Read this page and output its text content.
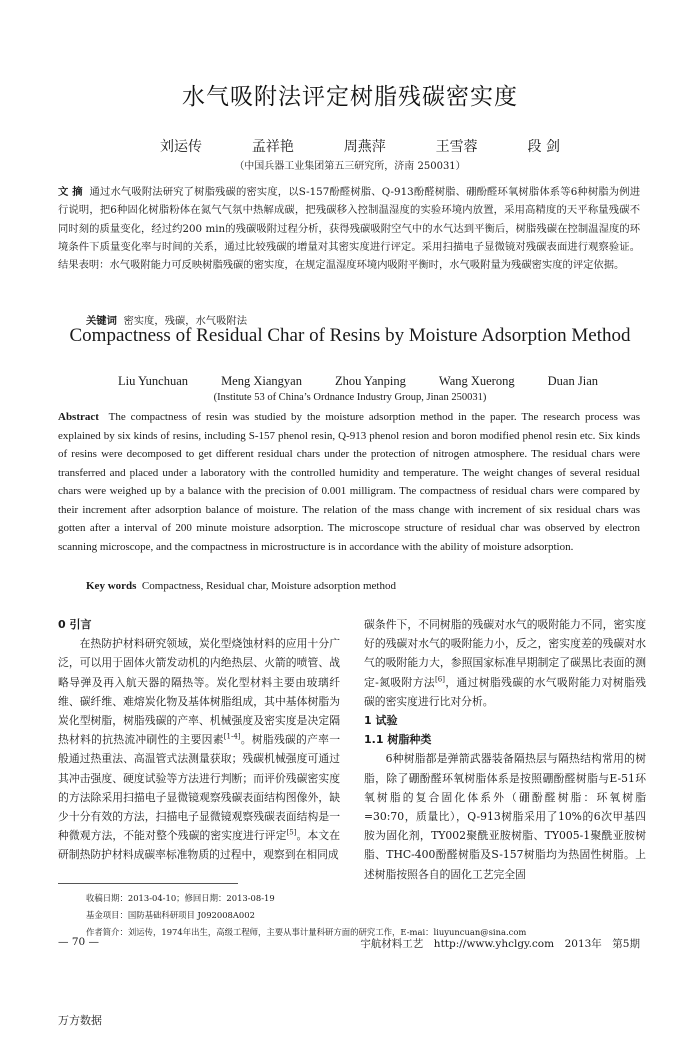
水气吸附法评定树脂残碳密实度
刘运传	孟祥艳	周燕萍	王雪蓉	段 剑
（中国兵器工业集团第五三研究所，济南 250031）
文 摘 通过水气吸附法研究了树脂残碳的密实度，以S-157酚醛树脂、Q-913酚醛树脂、硼酚醛环氧树脂体系等6种树脂为例进行说明，把6种固化树脂粉体在氮气气氛中热解成碳，把残碳移入控制温湿度的实验环境内放置，采用高精度的天平称量残碳不同时刻的质量变化，经过约200 min的残碳吸附过程分析，获得残碳吸附空气中的水气达到平衡后，树脂残碳在控制温湿度的环境条件下质量变化率与时间的关系，通过比较残碳的增量对其密实度进行评定。采用扫描电子显微镜对残碳表面进行观察验证。结果表明：水气吸附能力可反映树脂残碳的密实度，在规定温湿度环境内吸附平衡时，水气吸附量为残碳密实度的评定依据。
关键词 密实度，残碳，水气吸附法
Compactness of Residual Char of Resins by Moisture Adsorption Method
Liu Yunchuan	Meng Xiangyan	Zhou Yanping	Wang Xuerong	Duan Jian
(Institute 53 of China’s Ordnance Industry Group, Jinan 250031)
Abstract The compactness of resin was studied by the moisture adsorption method in the paper. The research process was explained by six kinds of resins, including S-157 phenol resin, Q-913 phenol resion and boron modified phenol resin etc. Six kinds of resins were decomposed to get different residual chars under the protection of nitrogen atmosphere. The residual chars were transferred and placed under a laboratory with the controlled humidity and temperature. The weight changes of several residual chars were weighed up by a balance with the precision of 0.001 milligram. The compactness of residual chars were compared by their increment after adsorption balance of moisture. The relation of the mass change with increment of six residual chars was gotten after a interval of 200 minute moisture adsorption. The microscope structure of residual char was observed by electron scanning microscope, and the compactness in microstructure is in accordance with the ability of moisture adsorption.
Key words Compactness, Residual char, Moisture adsorption method
0 引言

在热防护材料研究领域，炭化型烧蚀材料的应用十分广泛，可以用于固体火箭发动机的内绝热层、火箭的喷管、战略导弹及再入航天器的隔热等。炭化型材料主要由玻璃纤维、碳纤维、难熔炭化物及基体树脂组成，其中基体树脂为炭化型树脂，树脂残碳的产率、机械强度及密实度是决定隔热材料的抗热流冲刷性的主要因素[1-4]。树脂残碳的产率一般通过热重法、高温管式法测量获取；残碳机械强度可通过其冲击强度、硬度试验等方法进行判断；而评价残碳密实度的方法除采用扫描电子显微镜观察残碳表面结构图像外，缺少十分有效的方法，扫描电子显微镜观察残碳表面结构是一种微观方法，不能对整个残碳的密实度进行评定[5]。本文在研制热防护材料成碳率标准物质的过程中，观察到在相同成

碳条件下，不同树脂的残碳对水气的吸附能力不同，密实度好的残碳对水气的吸附能力小，反之，密实度差的残碳对水气的吸附能力大，参照国家标准早期制定了碳黑比表面的测定-氮吸附方法[6]，通过树脂残碳的水气吸附能力对树脂残碳的密实度进行比对分析。

1 试验
1.1 树脂种类

6种树脂都是弹箭武器装备隔热层与隔热结构常用的树脂，除了硼酚醛环氧树脂体系是按照硼酚醛树脂与E-51环氧树脂的复合固化体系外（硼酚醛树脂：环氧树脂=30:70，质量比），Q-913树脂采用了10%的6次甲基四胺为固化剂，TY002聚酰亚胺树脂、TY005-1聚酰亚胺树脂、THC-400酚醛树脂及S-157树脂均为热固性树脂。上述树脂按照各自的固化工艺完全固

收稿日期：2013-04-10；修回日期：2013-08-19
基金项目：国防基础科研项目 J092008A002
作者简介：刘运传，1974年出生，高级工程师，主要从事计量科研方面的研究工作，E-mai：liuyuncuan@sina.com
— 70 —	宇航材料工艺　http://www.yhclgy.com　2013年　第5期
万方数据
